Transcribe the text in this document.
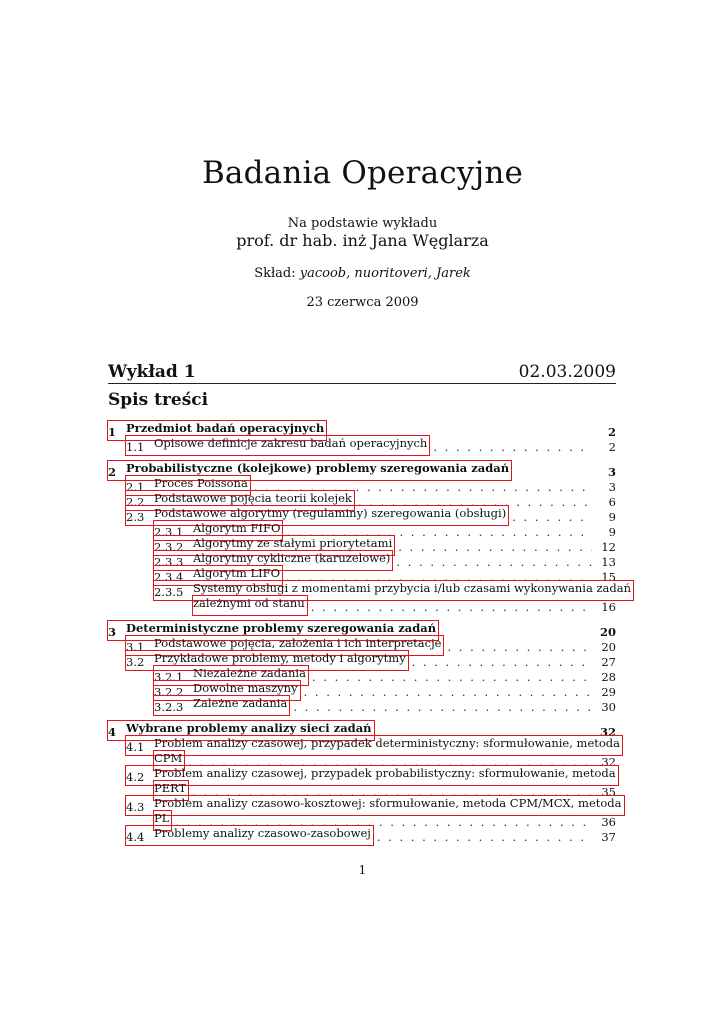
Badania Operacyjne
Na podstawie wykładu
prof. dr hab. inż Jana Węglarza
Skład: yacoob, nuoritoveri, Jarek
23 czerwca 2009
Wykład 1	02.03.2009
Spis treści
1 Przedmiot badań operacyjnych	2
1.1 Opisowe definicje zakresu badań operacyjnych . . .	2
2 Probabilistyczne (kolejkowe) problemy szeregowania zadań	3
2.1 Proces Poissona . . .	3
2.2 Podstawowe pojęcia teorii kolejek . . .	6
2.3 Podstawowe algorytmy (regulaminy) szeregowania (obsługi) . . .	9
2.3.1 Algorytm FIFO . . .	9
2.3.2 Algorytmy ze stałymi priorytetami . . .	12
2.3.3 Algorytmy cykliczne (karuzelowe) . . .	13
2.3.4 Algorytm LIFO . . .	15
2.3.5 Systemy obsługi z momentami przybycia i/lub czasami wykonywania zadań
zależnymi od stanu . . .	16
3 Deterministyczne problemy szeregowania zadań	20
3.1 Podstawowe pojęcia, założenia i ich interpretacje . . .	20
3.2 Przykładowe problemy, metody i algorytmy . . .	27
3.2.1 Niezależne zadania . . .	28
3.2.2 Dowolne maszyny . . .	29
3.2.3 Zależne zadania . . .	30
4 Wybrane problemy analizy sieci zadań	32
4.1 Problem analizy czasowej, przypadek deterministyczny: sformułowanie, metoda
CPM . . .	32
4.2 Problem analizy czasowej, przypadek probabilistyczny: sformułowanie, metoda
PERT . . .	35
4.3 Problem analizy czasowo-kosztowej: sformułowanie, metoda CPM/MCX, metoda
PL . . .	36
4.4 Problemy analizy czasowo-zasobowej . . .	37
1
